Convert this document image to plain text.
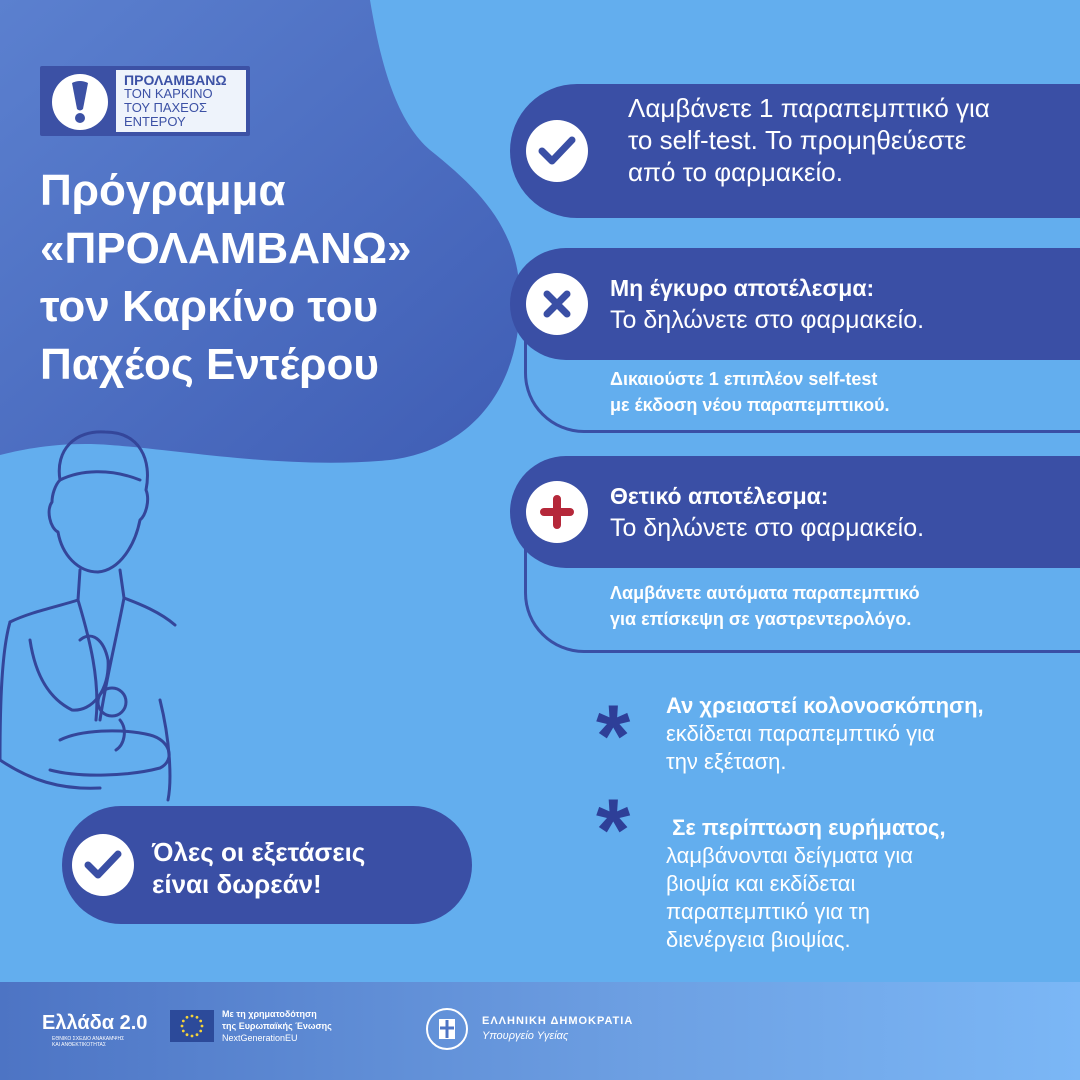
ΠΡΟΛΑΜΒΑΝΩ
ΤΟΝ ΚΑΡΚΙΝΟ
ΤΟΥ ΠΑΧΕΟΣ
ΕΝΤΕΡΟΥ
Πρόγραμμα
«ΠΡΟΛΑΜΒΑΝΩ»
τον Καρκίνο του
Παχέος Εντέρου
Λαμβάνετε 1 παραπεμπτικό για
το self-test. Το προμηθεύεστε
από το φαρμακείο.
Μη έγκυρο αποτέλεσμα:
Το δηλώνετε στο φαρμακείο.
Δικαιούστε 1 επιπλέον self-test
με έκδοση νέου παραπεμπτικού.
Θετικό αποτέλεσμα:
Το δηλώνετε στο φαρμακείο.
Λαμβάνετε αυτόματα παραπεμπτικό
για επίσκεψη σε γαστρεντερολόγο.
* Αν χρειαστεί κολονοσκόπηση,
εκδίδεται παραπεμπτικό για
την εξέταση.
* Σε περίπτωση ευρήματος,
λαμβάνονται δείγματα για
βιοψία και εκδίδεται
παραπεμπτικό για τη
διενέργεια βιοψίας.
Όλες οι εξετάσεις
είναι δωρεάν!
Ελλάδα 2.0
ΕΘΝΙΚΟ ΣΧΕΔΙΟ ΑΝΑΚΑΜΨΗΣ
ΚΑΙ ΑΝΘΕΚΤΙΚΟΤΗΤΑΣ
Με τη χρηματοδότηση
της Ευρωπαϊκής Ένωσης
NextGenerationEU
ΕΛΛΗΝΙΚΗ ΔΗΜΟΚΡΑΤΙΑ
Υπουργείο Υγείας
